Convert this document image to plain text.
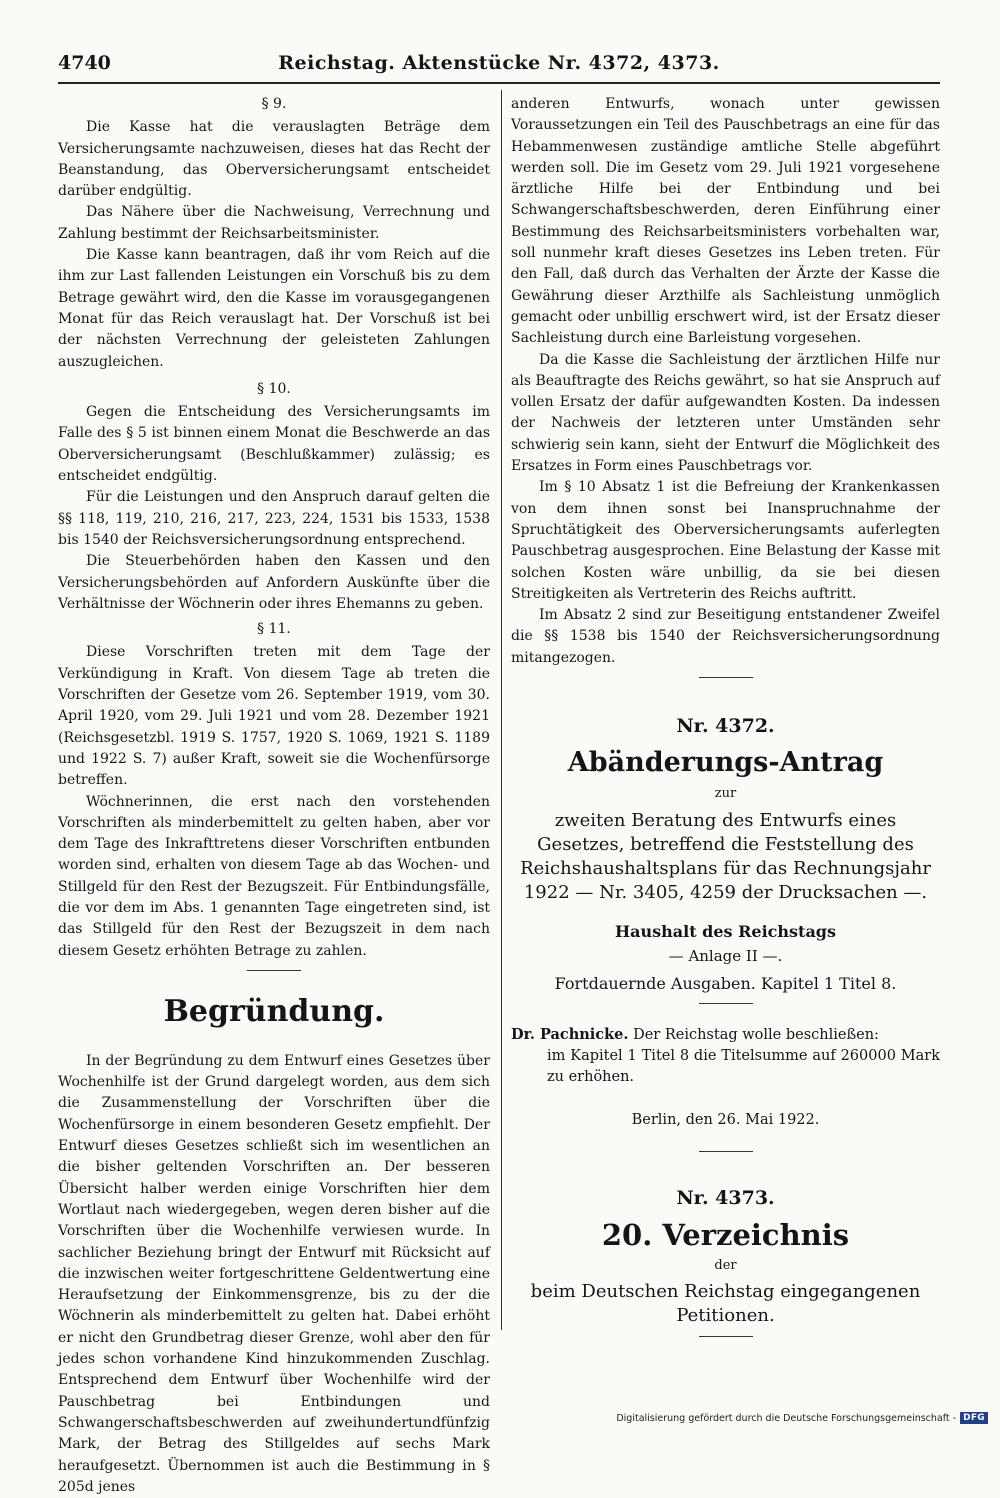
4740	Reichstag. Aktenstücke Nr. 4372, 4373.
§ 9.

Die Kasse hat die verauslagten Beträge dem Versicherungsamte nachzuweisen, dieses hat das Recht der Beanstandung, das Oberversicherungsamt entscheidet darüber endgültig.

Das Nähere über die Nachweisung, Verrechnung und Zahlung bestimmt der Reichsarbeitsminister.

Die Kasse kann beantragen, daß ihr vom Reich auf die ihm zur Last fallenden Leistungen ein Vorschuß bis zu dem Betrage gewährt wird, den die Kasse im vorausgegangenen Monat für das Reich verauslagt hat. Der Vorschuß ist bei der nächsten Verrechnung der geleisteten Zahlungen auszugleichen.

§ 10.

Gegen die Entscheidung des Versicherungsamts im Falle des § 5 ist binnen einem Monat die Beschwerde an das Oberversicherungsamt (Beschlußkammer) zulässig; es entscheidet endgültig.

Für die Leistungen und den Anspruch darauf gelten die §§ 118, 119, 210, 216, 217, 223, 224, 1531 bis 1533, 1538 bis 1540 der Reichsversicherungsordnung entsprechend.

Die Steuerbehörden haben den Kassen und den Versicherungsbehörden auf Anfordern Auskünfte über die Verhältnisse der Wöchnerin oder ihres Ehemanns zu geben.

§ 11.

Diese Vorschriften treten mit dem Tage der Verkündigung in Kraft. Von diesem Tage ab treten die Vorschriften der Gesetze vom 26. September 1919, vom 30. April 1920, vom 29. Juli 1921 und vom 28. Dezember 1921 (Reichsgesetzbl. 1919 S. 1757, 1920 S. 1069, 1921 S. 1189 und 1922 S. 7) außer Kraft, soweit sie die Wochenfürsorge betreffen.

Wöchnerinnen, die erst nach den vorstehenden Vorschriften als minderbemittelt zu gelten haben, aber vor dem Tage des Inkrafttretens dieser Vorschriften entbunden worden sind, erhalten von diesem Tage ab das Wochen- und Stillgeld für den Rest der Bezugszeit. Für Entbindungsfälle, die vor dem im Abs. 1 genannten Tage eingetreten sind, ist das Stillgeld für den Rest der Bezugszeit in dem nach diesem Gesetz erhöhten Betrage zu zahlen.

Begründung.

In der Begründung zu dem Entwurf eines Gesetzes über Wochenhilfe ist der Grund dargelegt worden, aus dem sich die Zusammenstellung der Vorschriften über die Wochenfürsorge in einem besonderen Gesetz empfiehlt. Der Entwurf dieses Gesetzes schließt sich im wesentlichen an die bisher geltenden Vorschriften an. Der besseren Übersicht halber werden einige Vorschriften hier dem Wortlaut nach wiedergegeben, wegen deren bisher auf die Vorschriften über die Wochenhilfe verwiesen wurde. In sachlicher Beziehung bringt der Entwurf mit Rücksicht auf die inzwischen weiter fortgeschrittene Geldentwertung eine Heraufsetzung der Einkommensgrenze, bis zu der die Wöchnerin als minderbemittelt zu gelten hat. Dabei erhöht er nicht den Grundbetrag dieser Grenze, wohl aber den für jedes schon vorhandene Kind hinzukommenden Zuschlag. Entsprechend dem Entwurf über Wochenhilfe wird der Pauschbetrag bei Entbindungen und Schwangerschaftsbeschwerden auf zweihundertundfünfzig Mark, der Betrag des Stillgeldes auf sechs Mark heraufgesetzt. Übernommen ist auch die Bestimmung in § 205d jenes

anderen Entwurfs, wonach unter gewissen Voraussetzungen ein Teil des Pauschbetrags an eine für das Hebammenwesen zuständige amtliche Stelle abgeführt werden soll. Die im Gesetz vom 29. Juli 1921 vorgesehene ärztliche Hilfe bei der Entbindung und bei Schwangerschaftsbeschwerden, deren Einführung einer Bestimmung des Reichsarbeitsministers vorbehalten war, soll nunmehr kraft dieses Gesetzes ins Leben treten. Für den Fall, daß durch das Verhalten der Ärzte der Kasse die Gewährung dieser Arzthilfe als Sachleistung unmöglich gemacht oder unbillig erschwert wird, ist der Ersatz dieser Sachleistung durch eine Barleistung vorgesehen.

Da die Kasse die Sachleistung der ärztlichen Hilfe nur als Beauftragte des Reichs gewährt, so hat sie Anspruch auf vollen Ersatz der dafür aufgewandten Kosten. Da indessen der Nachweis der letzteren unter Umständen sehr schwierig sein kann, sieht der Entwurf die Möglichkeit des Ersatzes in Form eines Pauschbetrags vor.

Im § 10 Absatz 1 ist die Befreiung der Krankenkassen von dem ihnen sonst bei Inanspruchnahme der Spruchtätigkeit des Oberversicherungsamts auferlegten Pauschbetrag ausgesprochen. Eine Belastung der Kasse mit solchen Kosten wäre unbillig, da sie bei diesen Streitigkeiten als Vertreterin des Reichs auftritt.

Im Absatz 2 sind zur Beseitigung entstandener Zweifel die §§ 1538 bis 1540 der Reichsversicherungsordnung mitangezogen.

Nr. 4372.
Abänderungs-Antrag
zur
zweiten Beratung des Entwurfs eines Gesetzes, betreffend die Feststellung des Reichshaushaltsplans für das Rechnungsjahr 1922 — Nr. 3405, 4259 der Drucksachen —.
Haushalt des Reichstags
— Anlage II —.
Fortdauernde Ausgaben. Kapitel 1 Titel 8.
Dr. Pachnicke. Der Reichstag wolle beschließen:
im Kapitel 1 Titel 8 die Titelsumme auf 260000 Mark zu erhöhen.
Berlin, den 26. Mai 1922.
Nr. 4373.
20. Verzeichnis
der
beim Deutschen Reichstag eingegangenen Petitionen.
Digitalisierung gefördert durch die Deutsche Forschungsgemeinschaft - DFG
